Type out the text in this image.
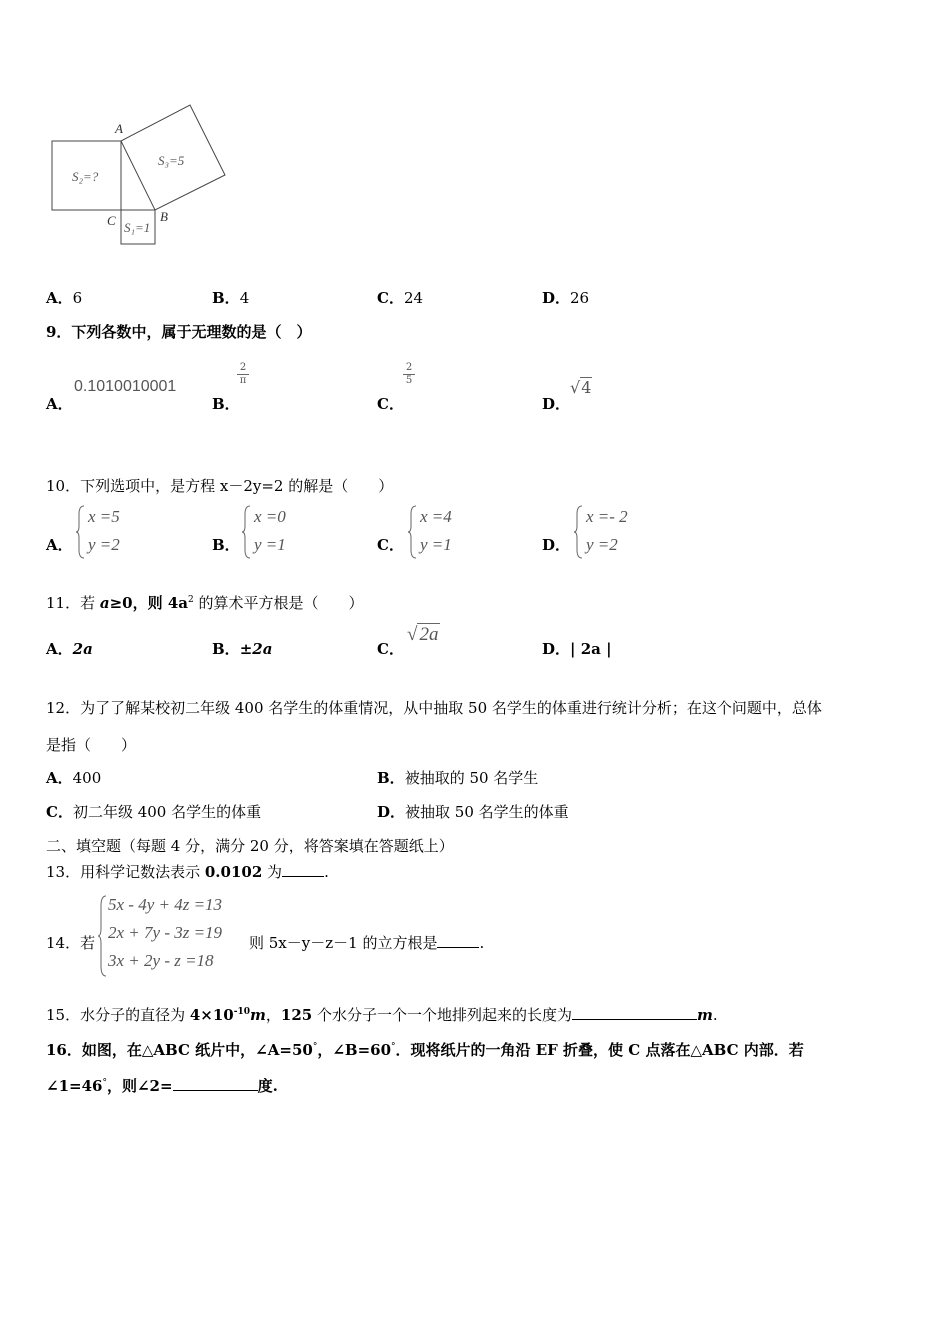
A
C	B
S₂=?
S₃=5
S₁=1
A．6	B．4	C．24	D．26
9．下列各数中，属于无理数的是（　）
A．
0.1010010001
B．
$\frac{2}{\pi}$
C．
$\frac{2}{5}$
D．
√4
10．下列选项中，是方程 x－2y=2 的解是（　　）
A．
x =5
y =2	B．
x =0
y =1	C．
x =4
y =1	D．
x =- 2
y =2
11．若 a≥0，则 $4a^2$ 的算术平方根是（　　）
A．2a	B．±2a	C．
√ 2a
D．| 2a |
12．为了了解某校初二年级 400 名学生的体重情况，从中抽取 50 名学生的体重进行统计分析；在这个问题中，总体
是指（　　）
A．400	B．被抽取的 50 名学生
C．初二年级 400 名学生的体重	D．被抽取 50 名学生的体重
二、填空题（每题 4 分，满分 20 分，将答案填在答题纸上）
13．用科学记数法表示 0.0102 为	.
14．若
5x - 4y + 4z =13
2x + 7y - 3z =19
3x + 2y - z =18
则 5x－y－z－1 的立方根是	.
15．水分子的直径为 $4\times 10^{-10}m$，125 个水分子一个一个地排列起来的长度为	m.
16．如图，在△ABC 纸片中，∠A=50°，∠B=60°．现将纸片的一角沿 EF 折叠，使 C 点落在△ABC 内部．若
∠1=46°，则∠2=	度.
